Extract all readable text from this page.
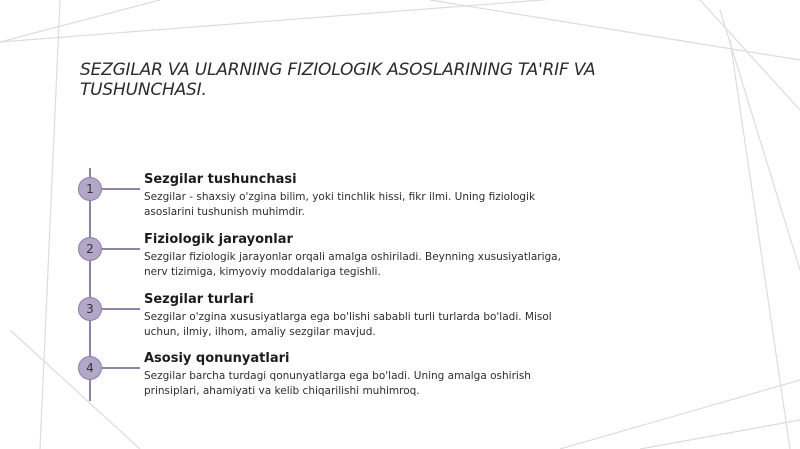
SEZGILAR VA ULARNING FIZIOLOGIK ASOSLARINING TA'RIF VA TUSHUNCHASI.
1
Sezgilar tushunchasi
Sezgilar - shaxsiy o'zgina bilim, yoki tinchlik hissi, fikr ilmi. Uning fiziologik asoslarini tushunish muhimdir.
2
Fiziologik jarayonlar
Sezgilar fiziologik jarayonlar orqali amalga oshiriladi. Beynning xususiyatlariga, nerv tizimiga, kimyoviy moddalariga tegishli.
3
Sezgilar turlari
Sezgilar o'zgina xususiyatlarga ega bo'lishi sababli turli turlarda bo'ladi. Misol uchun, ilmiy, ilhom, amaliy sezgilar mavjud.
4
Asosiy qonunyatlari
Sezgilar barcha turdagi qonunyatlarga ega bo'ladi. Uning amalga oshirish prinsiplari, ahamiyati va kelib chiqarilishi muhimroq.
